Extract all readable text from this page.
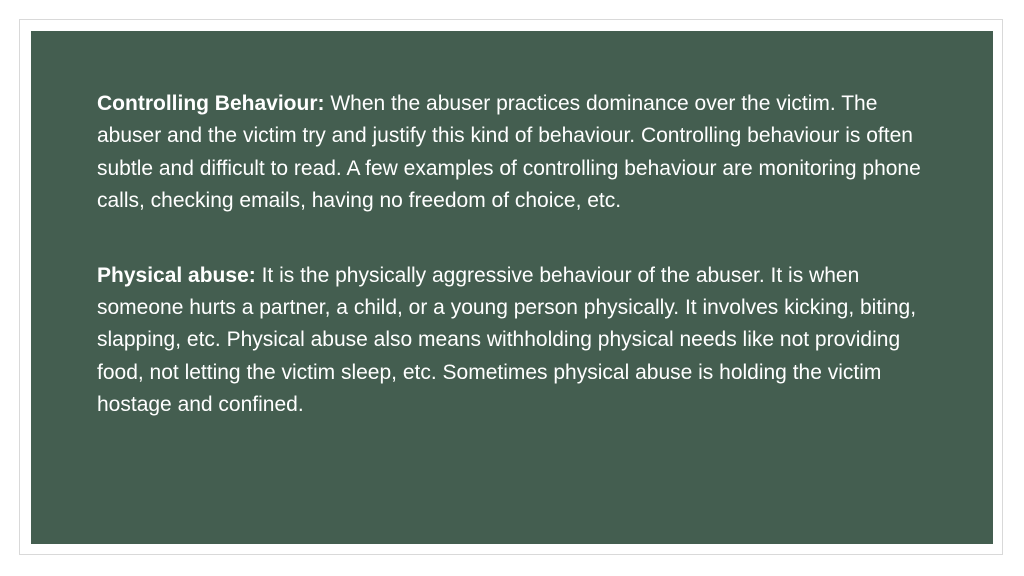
Controlling Behaviour: When the abuser practices dominance over the victim. The abuser and the victim try and justify this kind of behaviour. Controlling behaviour is often subtle and difficult to read. A few examples of controlling behaviour are monitoring phone calls, checking emails, having no freedom of choice, etc.

Physical abuse: It is the physically aggressive behaviour of the abuser. It is when someone hurts a partner, a child, or a young person physically. It involves kicking, biting, slapping, etc. Physical abuse also means withholding physical needs like not providing food, not letting the victim sleep, etc. Sometimes physical abuse is holding the victim hostage and confined.
